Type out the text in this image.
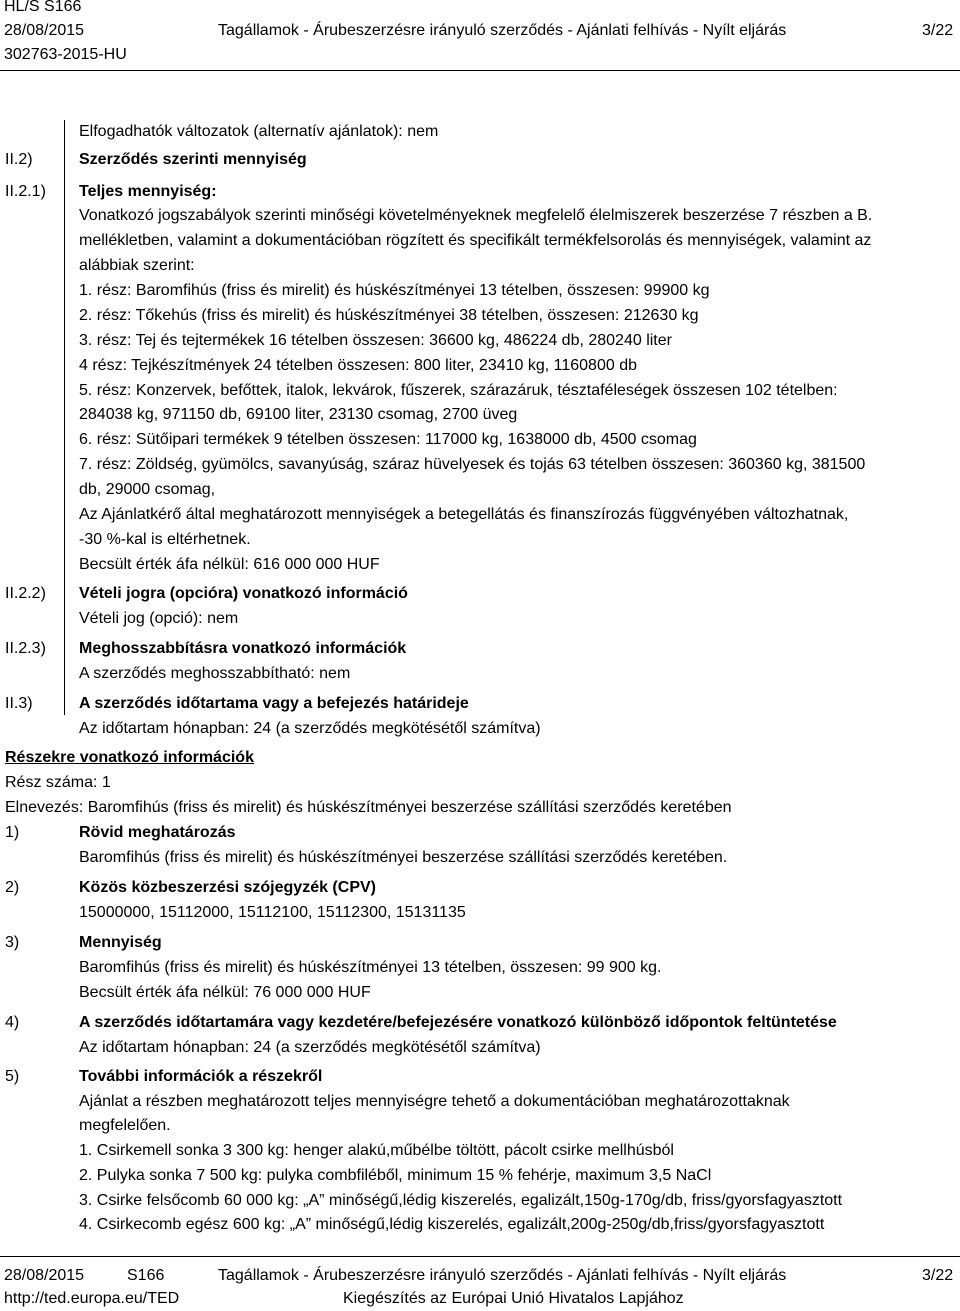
HL/S S166
28/08/2015	Tagállamok - Árubeszerzésre irányuló szerződés - Ajánlati felhívás - Nyílt eljárás	3/22
302763-2015-HU
Elfogadhatók változatok (alternatív ajánlatok): nem
II.2)	Szerződés szerinti mennyiség
II.2.1) Teljes mennyiség:
Vonatkozó jogszabályok szerinti minőségi követelményeknek megfelelő élelmiszerek beszerzése 7 részben a B.
mellékletben, valamint a dokumentációban rögzített és specifikált termékfelsorolás és mennyiségek, valamint az
alábbiak szerint:
1. rész: Baromfihús (friss és mirelit) és húskészítményei 13 tételben, összesen: 99900 kg
2. rész: Tőkehús (friss és mirelit) és húskészítményei 38 tételben, összesen: 212630 kg
3. rész: Tej és tejtermékek 16 tételben összesen: 36600 kg, 486224 db, 280240 liter
4 rész: Tejkészítmények 24 tételben összesen: 800 liter, 23410 kg, 1160800 db
5. rész: Konzervek, befőttek, italok, lekvárok, fűszerek, szárazáruk, tésztaféleségek összesen 102 tételben:
284038 kg, 971150 db, 69100 liter, 23130 csomag, 2700 üveg
6. rész: Sütőipari termékek 9 tételben összesen: 117000 kg, 1638000 db, 4500 csomag
7. rész: Zöldség, gyümölcs, savanyúság, száraz hüvelyesek és tojás 63 tételben összesen: 360360 kg, 381500
db, 29000 csomag,
Az Ajánlatkérő által meghatározott mennyiségek a betegellátás és finanszírozás függvényében változhatnak,
-30 %-kal is eltérhetnek.
Becsült érték áfa nélkül: 616 000 000 HUF
II.2.2) Vételi jogra (opcióra) vonatkozó információ
Vételi jog (opció): nem
II.2.3) Meghosszabbításra vonatkozó információk
A szerződés meghosszabbítható: nem
II.3)	A szerződés időtartama vagy a befejezés határideje
Az időtartam hónapban: 24 (a szerződés megkötésétől számítva)
Részekre vonatkozó információk
Rész száma: 1
Elnevezés: Baromfihús (friss és mirelit) és húskészítményei beszerzése szállítási szerződés keretében
1)	Rövid meghatározás
Baromfihús (friss és mirelit) és húskészítményei beszerzése szállítási szerződés keretében.
2)	Közös közbeszerzési szójegyzék (CPV)
15000000, 15112000, 15112100, 15112300, 15131135
3)	Mennyiség
Baromfihús (friss és mirelit) és húskészítményei 13 tételben, összesen: 99 900 kg.
Becsült érték áfa nélkül: 76 000 000 HUF
4)	A szerződés időtartamára vagy kezdetére/befejezésére vonatkozó különböző időpontok feltüntetése
Az időtartam hónapban: 24 (a szerződés megkötésétől számítva)
5)	További információk a részekről
Ajánlat a részben meghatározott teljes mennyiségre tehető a dokumentációban meghatározottaknak
megfelelően.
1. Csirkemell sonka 3 300 kg: henger alakú,műbélbe töltött, pácolt csirke mellhúsból
2. Pulyka sonka 7 500 kg: pulyka combfiléből, minimum 15 % fehérje, maximum 3,5 NaCl
3. Csirke felsőcomb 60 000 kg: „A” minőségű,lédig kiszerelés, egalizált,150g-170g/db, friss/gyorsfagyasztott
4. Csirkecomb egész 600 kg: „A” minőségű,lédig kiszerelés, egalizált,200g-250g/db,friss/gyorsfagyasztott
28/08/2015	S166	Tagállamok - Árubeszerzésre irányuló szerződés - Ajánlati felhívás - Nyílt eljárás	3/22
http://ted.europa.eu/TED	Kiegészítés az Európai Unió Hivatalos Lapjához
